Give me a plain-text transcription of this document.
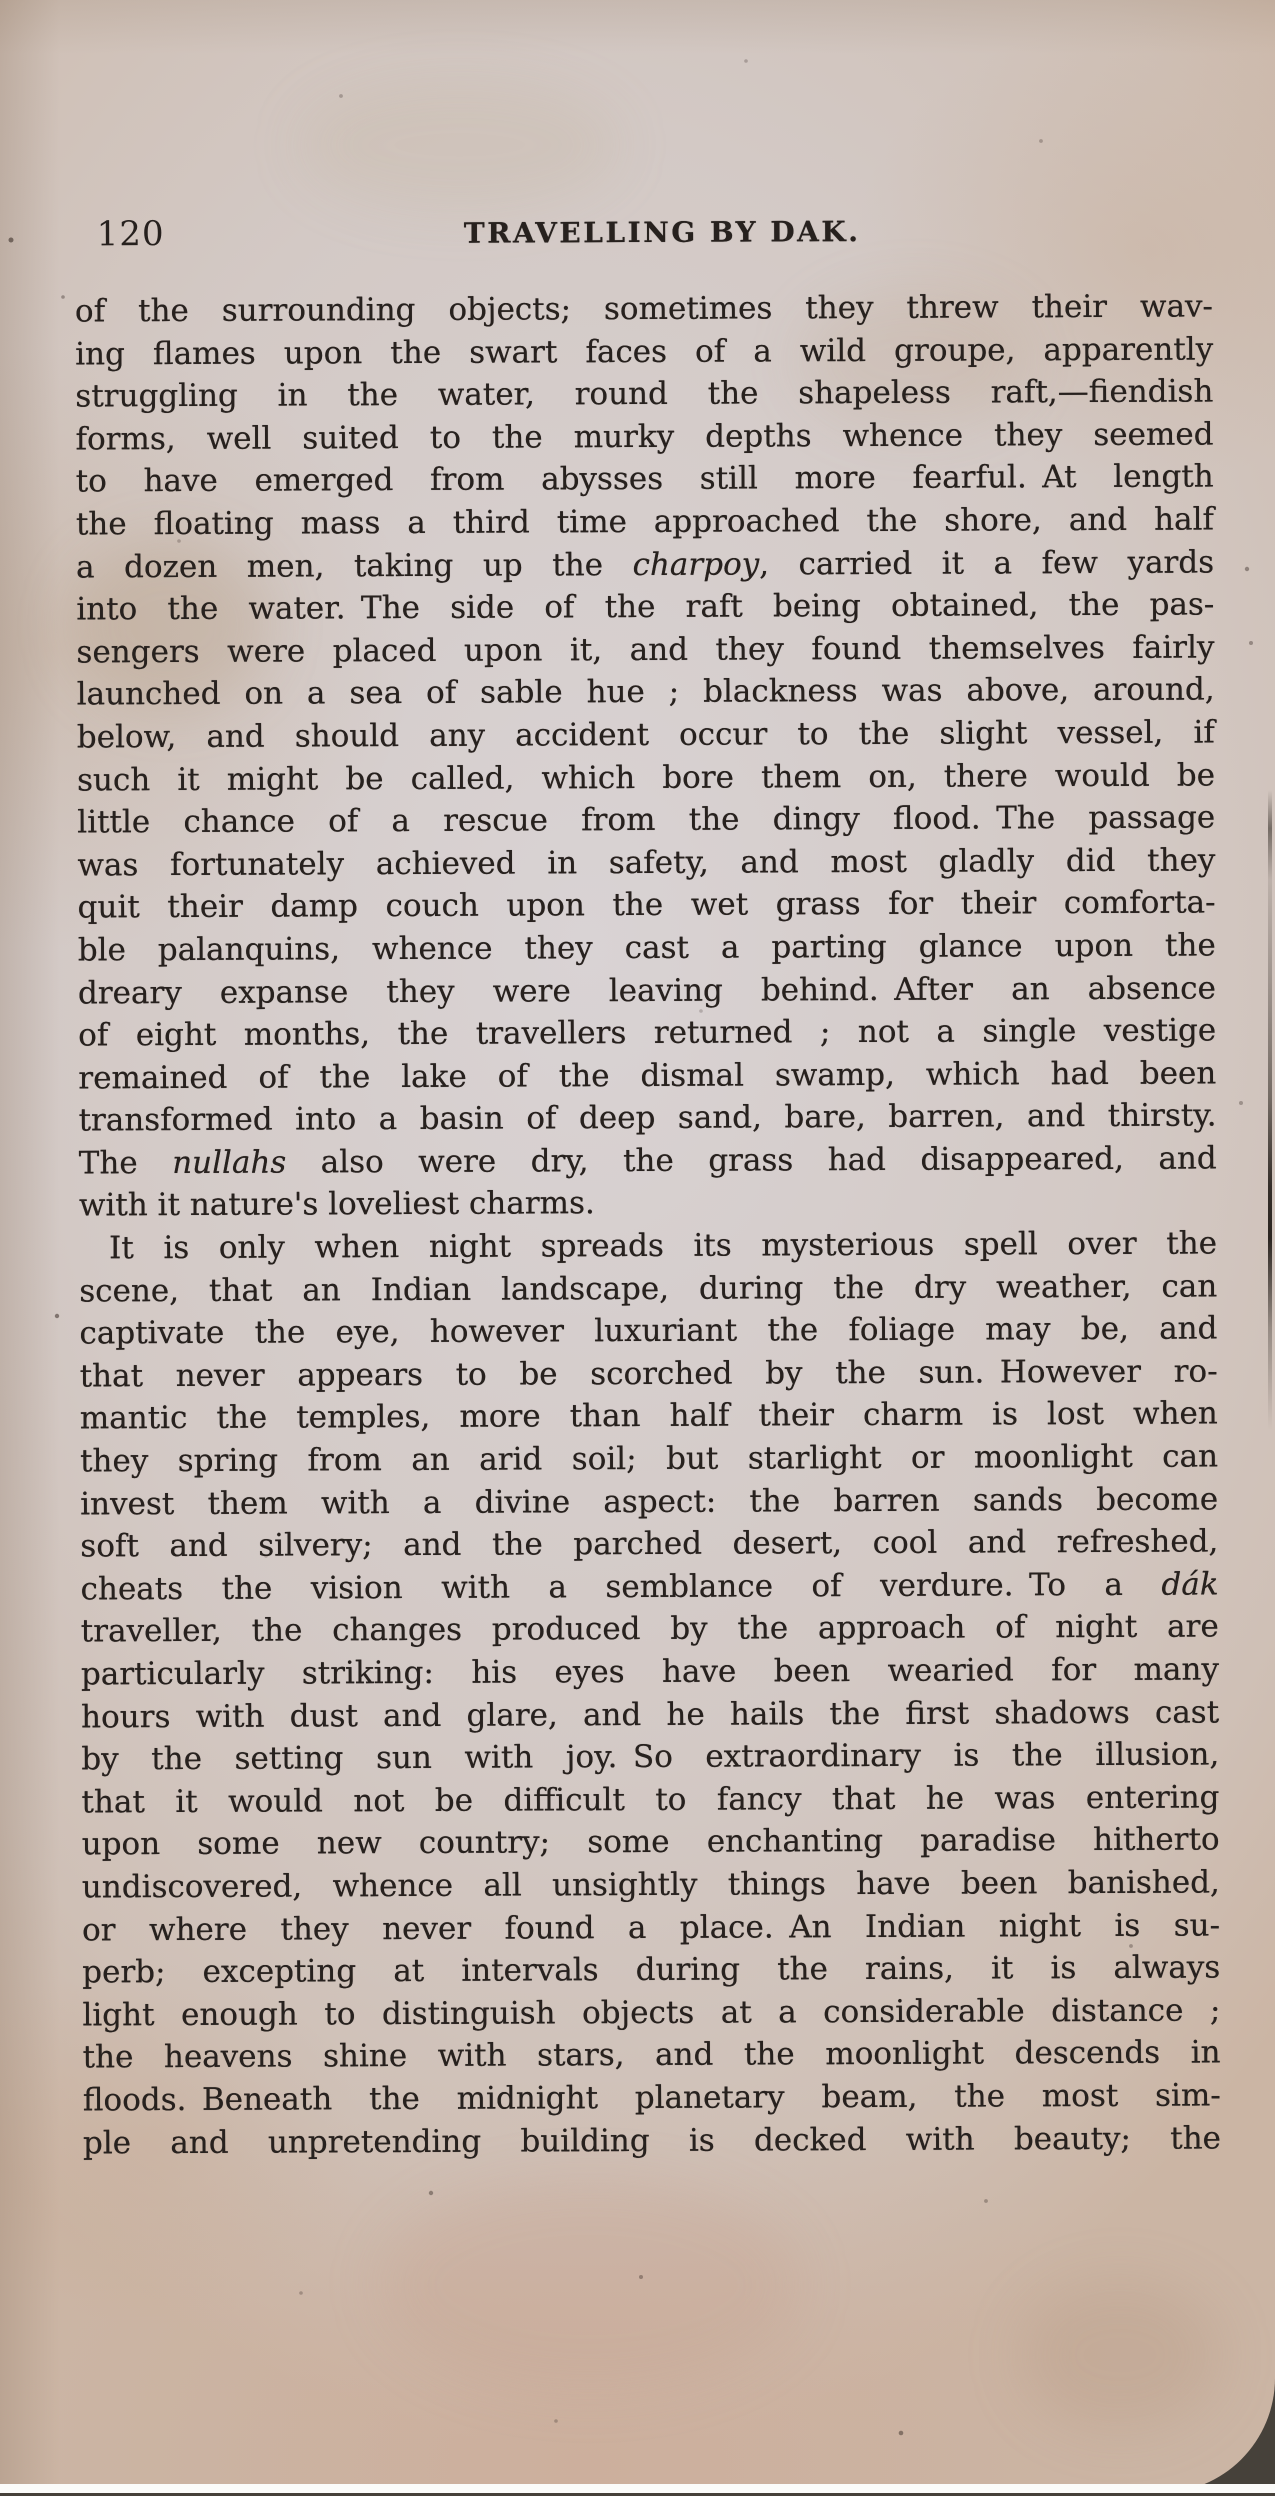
120	TRAVELLING BY DAK.
of the surrounding objects; sometimes they threw their wav-
ing flames upon the swart faces of a wild groupe, apparently
struggling in the water, round the shapeless raft,—fiendish
forms, well suited to the murky depths whence they seemed
to have emerged from abysses still more fearful. At length
the floating mass a third time approached the shore, and half
a dozen men, taking up the charpoy, carried it a few yards
into the water. The side of the raft being obtained, the pas-
sengers were placed upon it, and they found themselves fairly
launched on a sea of sable hue ; blackness was above, around,
below, and should any accident occur to the slight vessel, if
such it might be called, which bore them on, there would be
little chance of a rescue from the dingy flood. The passage
was fortunately achieved in safety, and most gladly did they
quit their damp couch upon the wet grass for their comforta-
ble palanquins, whence they cast a parting glance upon the
dreary expanse they were leaving behind. After an absence
of eight months, the travellers returned ; not a single vestige
remained of the lake of the dismal swamp, which had been
transformed into a basin of deep sand, bare, barren, and thirsty.
The nullahs also were dry, the grass had disappeared, and
with it nature's loveliest charms.
It is only when night spreads its mysterious spell over the
scene, that an Indian landscape, during the dry weather, can
captivate the eye, however luxuriant the foliage may be, and
that never appears to be scorched by the sun. However ro-
mantic the temples, more than half their charm is lost when
they spring from an arid soil; but starlight or moonlight can
invest them with a divine aspect: the barren sands become
soft and silvery; and the parched desert, cool and refreshed,
cheats the vision with a semblance of verdure. To a dák
traveller, the changes produced by the approach of night are
particularly striking: his eyes have been wearied for many
hours with dust and glare, and he hails the first shadows cast
by the setting sun with joy. So extraordinary is the illusion,
that it would not be difficult to fancy that he was entering
upon some new country; some enchanting paradise hitherto
undiscovered, whence all unsightly things have been banished,
or where they never found a place. An Indian night is su-
perb; excepting at intervals during the rains, it is always
light enough to distinguish objects at a considerable distance ;
the heavens shine with stars, and the moonlight descends in
floods. Beneath the midnight planetary beam, the most sim-
ple and unpretending building is decked with beauty; the
